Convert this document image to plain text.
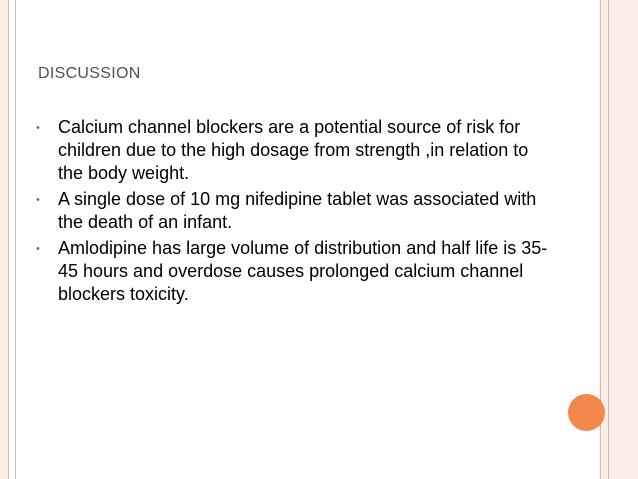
DISCUSSION
• Calcium channel blockers are a potential source of risk for children due to the high dosage from strength ,in relation to the body weight.
• A single dose of 10 mg nifedipine tablet was associated with the death of an infant.
• Amlodipine has large volume of distribution and half life is 35-45 hours and overdose causes prolonged calcium channel blockers toxicity.
